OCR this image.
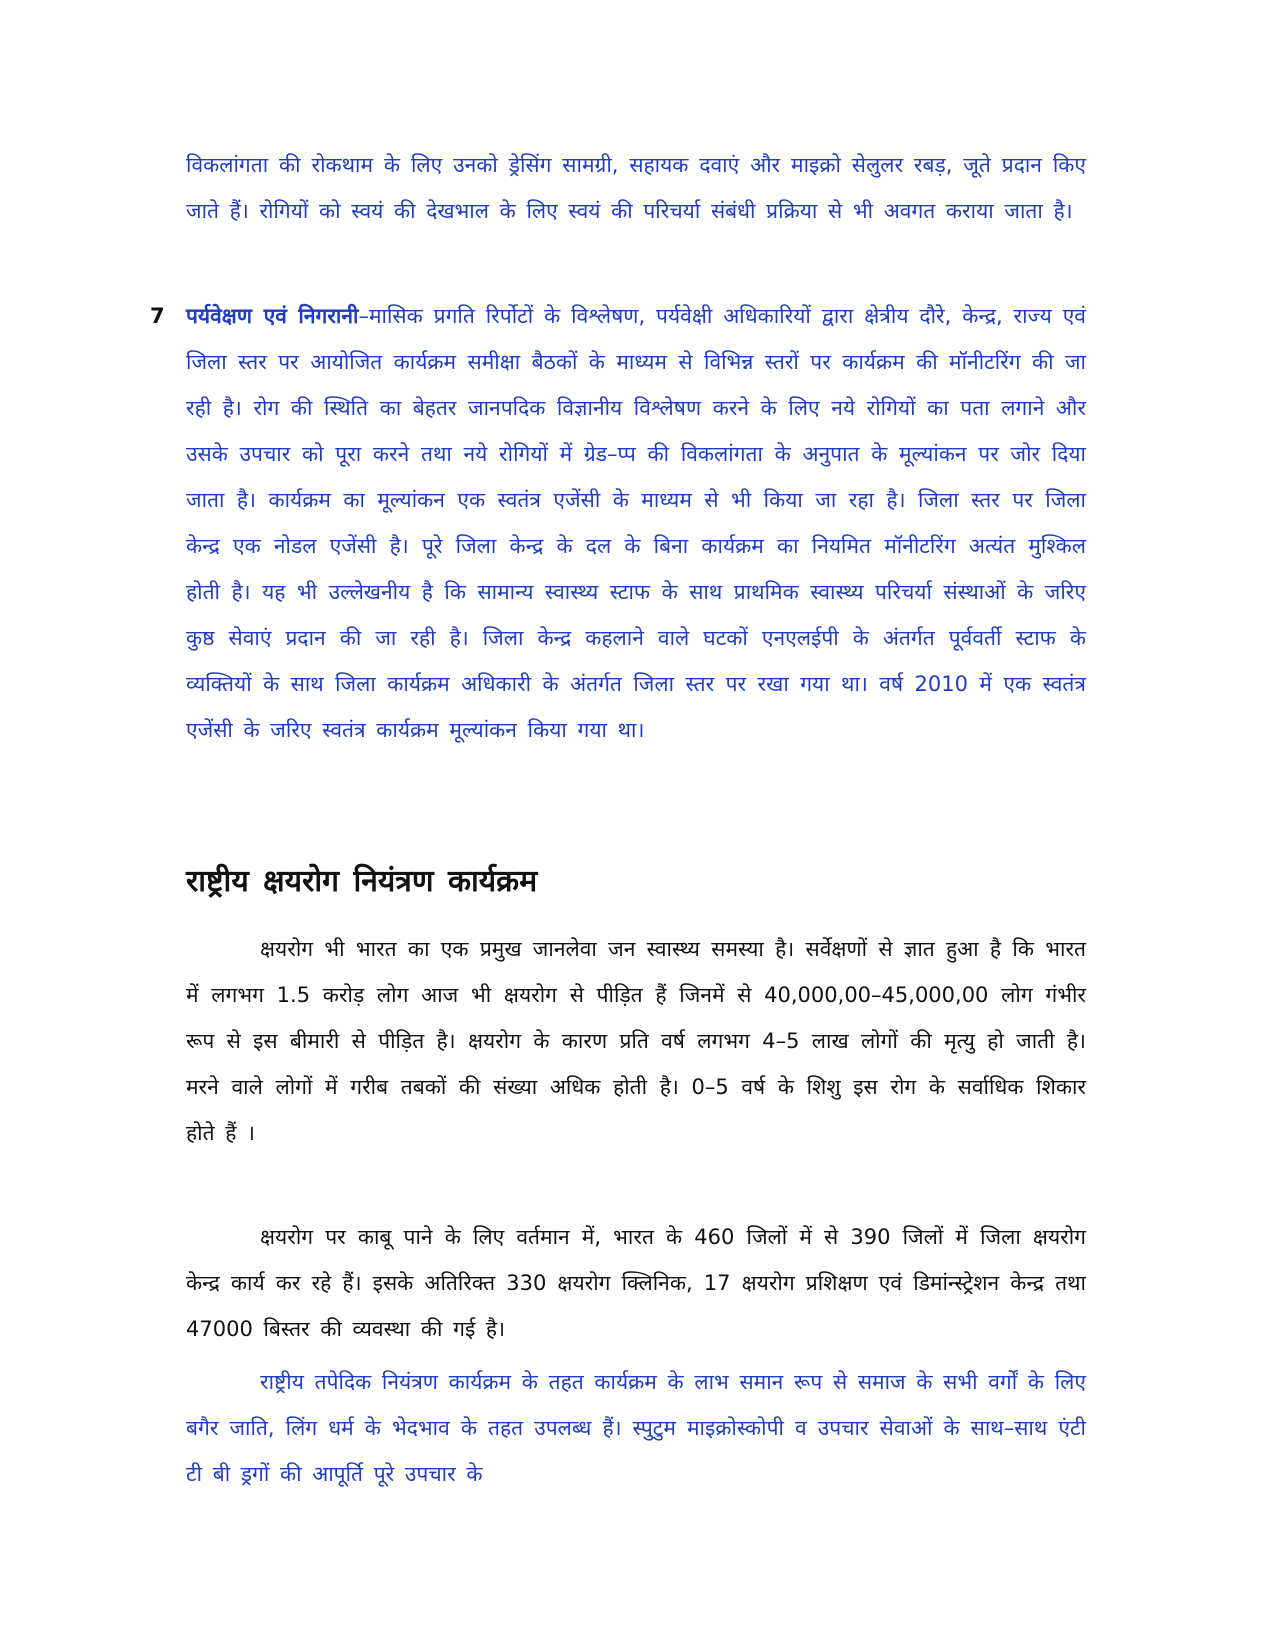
विकलांगता की रोकथाम के लिए उनको ड्रेसिंग सामग्री, सहायक दवाएं और माइक्रो सेलुलर रबड़, जूते प्रदान किए जाते हैं। रोगियों को स्वयं की देखभाल के लिए स्वयं की परिचर्या संबंधी प्रक्रिया से भी अवगत कराया जाता है।

7 पर्यवेक्षण एवं निगरानी–मासिक प्रगति रिर्पोटों के विश्लेषण, पर्यवेक्षी अधिकारियों द्वारा क्षेत्रीय दौरे, केन्द्र, राज्य एवं जिला स्तर पर आयोजित कार्यक्रम समीक्षा बैठकों के माध्यम से विभिन्न स्तरों पर कार्यक्रम की मॉनीटरिंग की जा रही है। रोग की स्थिति का बेहतर जानपदिक विज्ञानीय विश्लेषण करने के लिए नये रोगियों का पता लगाने और उसके उपचार को पूरा करने तथा नये रोगियों में ग्रेड–प्प की विकलांगता के अनुपात के मूल्यांकन पर जोर दिया जाता है। कार्यक्रम का मूल्यांकन एक स्वतंत्र एजेंसी के माध्यम से भी किया जा रहा है। जिला स्तर पर जिला केन्द्र एक नोडल एजेंसी है। पूरे जिला केन्द्र के दल के बिना कार्यक्रम का नियमित मॉनीटरिंग अत्यंत मुश्किल होती है। यह भी उल्लेखनीय है कि सामान्य स्वास्थ्य स्टाफ के साथ प्राथमिक स्वास्थ्य परिचर्या संस्थाओं के जरिए कुष्ठ सेवाएं प्रदान की जा रही है। जिला केन्द्र कहलाने वाले घटकों एनएलईपी के अंतर्गत पूर्ववर्ती स्टाफ के व्यक्तियों के साथ जिला कार्यक्रम अधिकारी के अंतर्गत जिला स्तर पर रखा गया था। वर्ष 2010 में एक स्वतंत्र एजेंसी के जरिए स्वतंत्र कार्यक्रम मूल्यांकन किया गया था।
राष्ट्रीय क्षयरोग नियंत्रण कार्यक्रम

क्षयरोग भी भारत का एक प्रमुख जानलेवा जन स्वास्थ्य समस्या है। सर्वेक्षणों से ज्ञात हुआ है कि भारत में लगभग 1.5 करोड़ लोग आज भी क्षयरोग से पीड़ित हैं जिनमें से 40,000,00–45,000,00 लोग गंभीर रूप से इस बीमारी से पीड़ित है। क्षयरोग के कारण प्रति वर्ष लगभग 4–5 लाख लोगों की मृत्यु हो जाती है। मरने वाले लोगों में गरीब तबकों की संख्या अधिक होती है। 0–5 वर्ष के शिशु इस रोग के सर्वाधिक शिकार होते हैं ।

क्षयरोग पर काबू पाने के लिए वर्तमान में, भारत के 460 जिलों में से 390 जिलों में जिला क्षयरोग केन्द्र कार्य कर रहे हैं। इसके अतिरिक्त 330 क्षयरोग क्लिनिक, 17 क्षयरोग प्रशिक्षण एवं डिमांन्स्ट्रेशन केन्द्र तथा 47000 बिस्तर की व्यवस्था की गई है।

राष्ट्रीय तपेदिक नियंत्रण कार्यक्रम के तहत कार्यक्रम के लाभ समान रूप से समाज के सभी वर्गों के लिए बगैर जाति, लिंग धर्म के भेदभाव के तहत उपलब्ध हैं। स्पुटुम माइक्रोस्कोपी व उपचार सेवाओं के साथ–साथ एंटी टी बी ड्रगों की आपूर्ति पूरे उपचार के
